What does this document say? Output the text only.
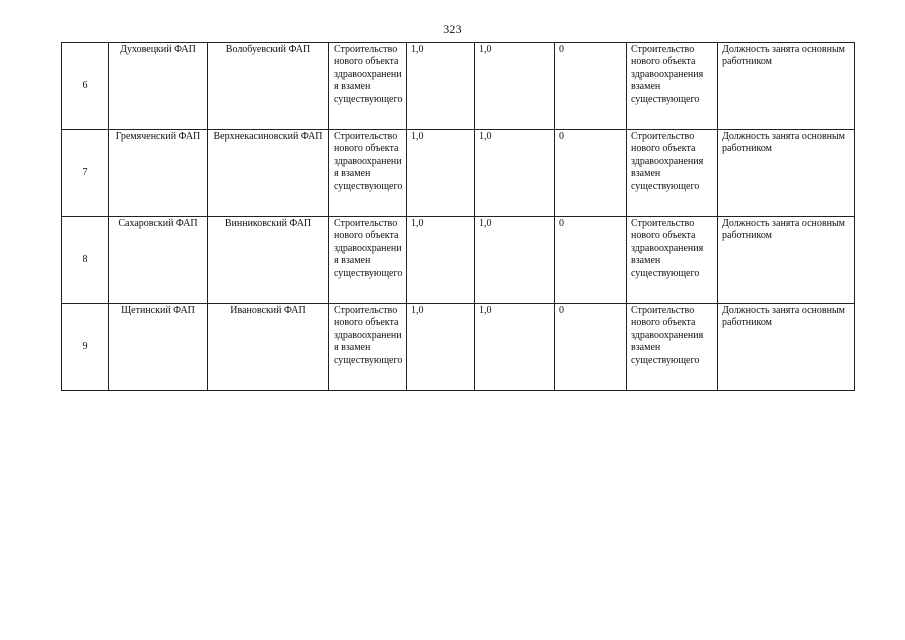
323
6	Духовецкий ФАП	Волобуевский ФАП	Строительство нового объекта здравоохранения взамен существующего	1,0	1,0	0	Строительство нового объекта здравоохранения взамен существующего	Должность занята основным работником
7	Гремяченский ФАП	Верхнекасиновский ФАП	Строительство нового объекта здравоохранения взамен существующего	1,0	1,0	0	Строительство нового объекта здравоохранения взамен существующего	Должность занята основным работником
8	Сахаровский ФАП	Винниковский ФАП	Строительство нового объекта здравоохранения взамен существующего	1,0	1,0	0	Строительство нового объекта здравоохранения взамен существующего	Должность занята основным работником
9	Щетинский ФАП	Ивановский ФАП	Строительство нового объекта здравоохранения взамен существующего	1,0	1,0	0	Строительство нового объекта здравоохранения взамен существующего	Должность занята основным работником
